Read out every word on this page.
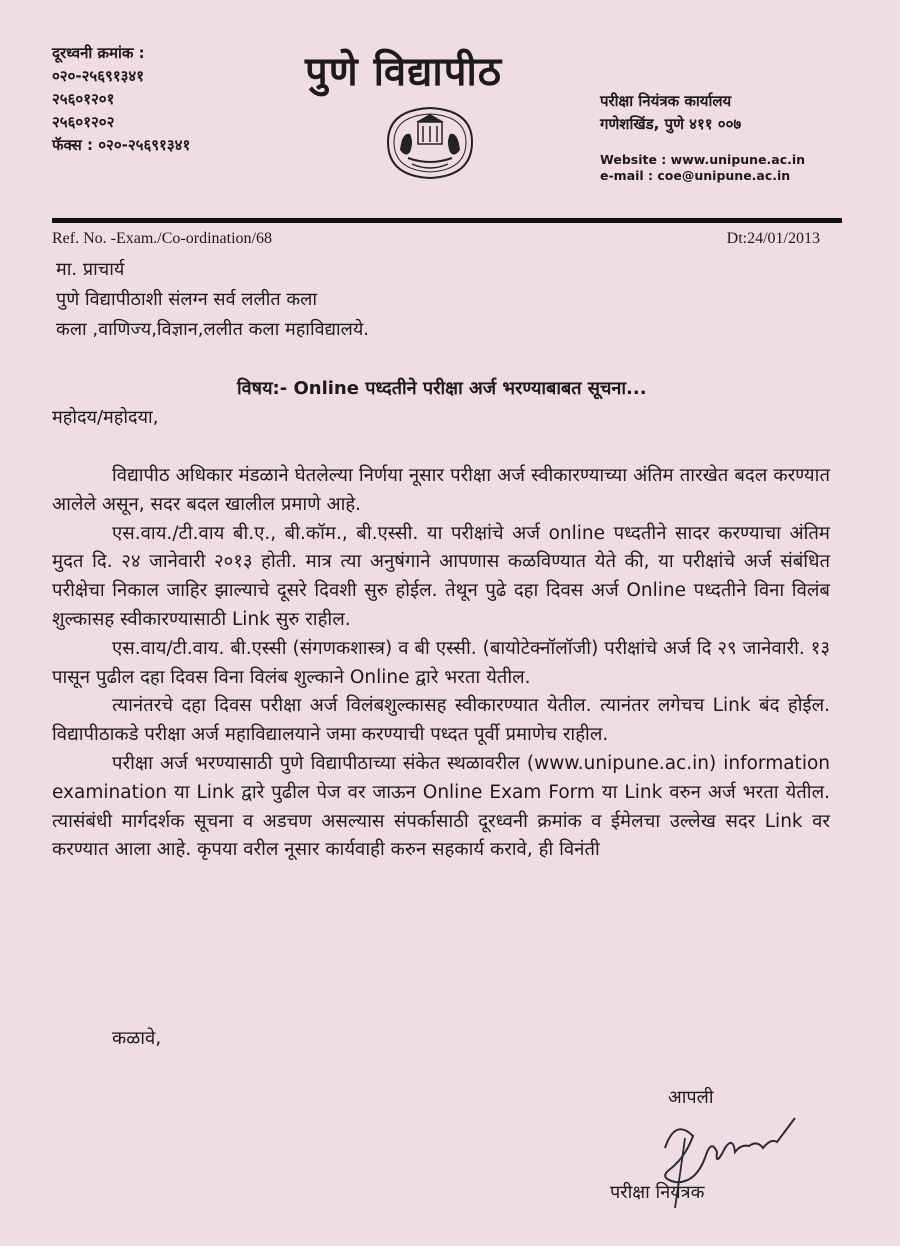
दूरध्वनी क्रमांक :
०२०-२५६९१३४१
२५६०१२०१
२५६०१२०२
फॅक्स : ०२०-२५६९१३४१
पुणे विद्यापीठ
परीक्षा नियंत्रक कार्यालय
गणेशखिंड, पुणे ४११ ००७
Website : www.unipune.ac.in
e-mail : coe@unipune.ac.in
Ref. No. -Exam./Co-ordination/68	Dt:24/01/2013
मा. प्राचार्य
पुणे विद्यापीठाशी संलग्न सर्व ललीत कला
कला ,वाणिज्य,विज्ञान,ललीत कला महाविद्यालये.
विषय:- Online पध्दतीने परीक्षा अर्ज भरण्याबाबत सूचना...
महोदय/महोदया,

विद्यापीठ अधिकार मंडळाने घेतलेल्या निर्णया नूसार परीक्षा अर्ज स्वीकारण्याच्या अंतिम तारखेत बदल करण्यात आलेले असून, सदर बदल खालील प्रमाणे आहे.

एस.वाय./टी.वाय बी.ए., बी.कॉम., बी.एस्सी. या परीक्षांचे अर्ज online पध्दतीने सादर करण्याचा अंतिम मुदत दि. २४ जानेवारी २०१३ होती. मात्र त्या अनुषंगाने आपणास कळविण्यात येते की, या परीक्षांचे अर्ज संबंधित परीक्षेचा निकाल जाहिर झाल्याचे दूसरे दिवशी सुरु होईल. तेथून पुढे दहा दिवस अर्ज Online पध्दतीने विना विलंब शुल्कासह स्वीकारण्यासाठी Link सुरु राहील.

एस.वाय/टी.वाय. बी.एस्सी (संगणकशास्त्र) व बी एस्सी. (बायोटेक्नॉलॉजी) परीक्षांचे अर्ज दि २९ जानेवारी. १३ पासून पुढील दहा दिवस विना विलंब शुल्काने Online द्वारे भरता येतील.

त्यानंतरचे दहा दिवस परीक्षा अर्ज विलंबशुल्कासह स्वीकारण्यात येतील. त्यानंतर लगेचच Link बंद होईल. विद्यापीठाकडे परीक्षा अर्ज महाविद्यालयाने जमा करण्याची पध्दत पूर्वी प्रमाणेच राहील.

परीक्षा अर्ज भरण्यासाठी पुणे विद्यापीठाच्या संकेत स्थळावरील (www.unipune.ac.in) information examination या Link द्वारे पुढील पेज वर जाऊन Online Exam Form या Link वरुन अर्ज भरता येतील. त्यासंबंधी मार्गदर्शक सूचना व अडचण असल्यास संपर्कासाठी दूरध्वनी क्रमांक व ईमेलचा उल्लेख सदर Link वर करण्यात आला आहे. कृपया वरील नूसार कार्यवाही करुन सहकार्य करावे, ही विनंती

कळावे,
आपली
परीक्षा नियंत्रक
